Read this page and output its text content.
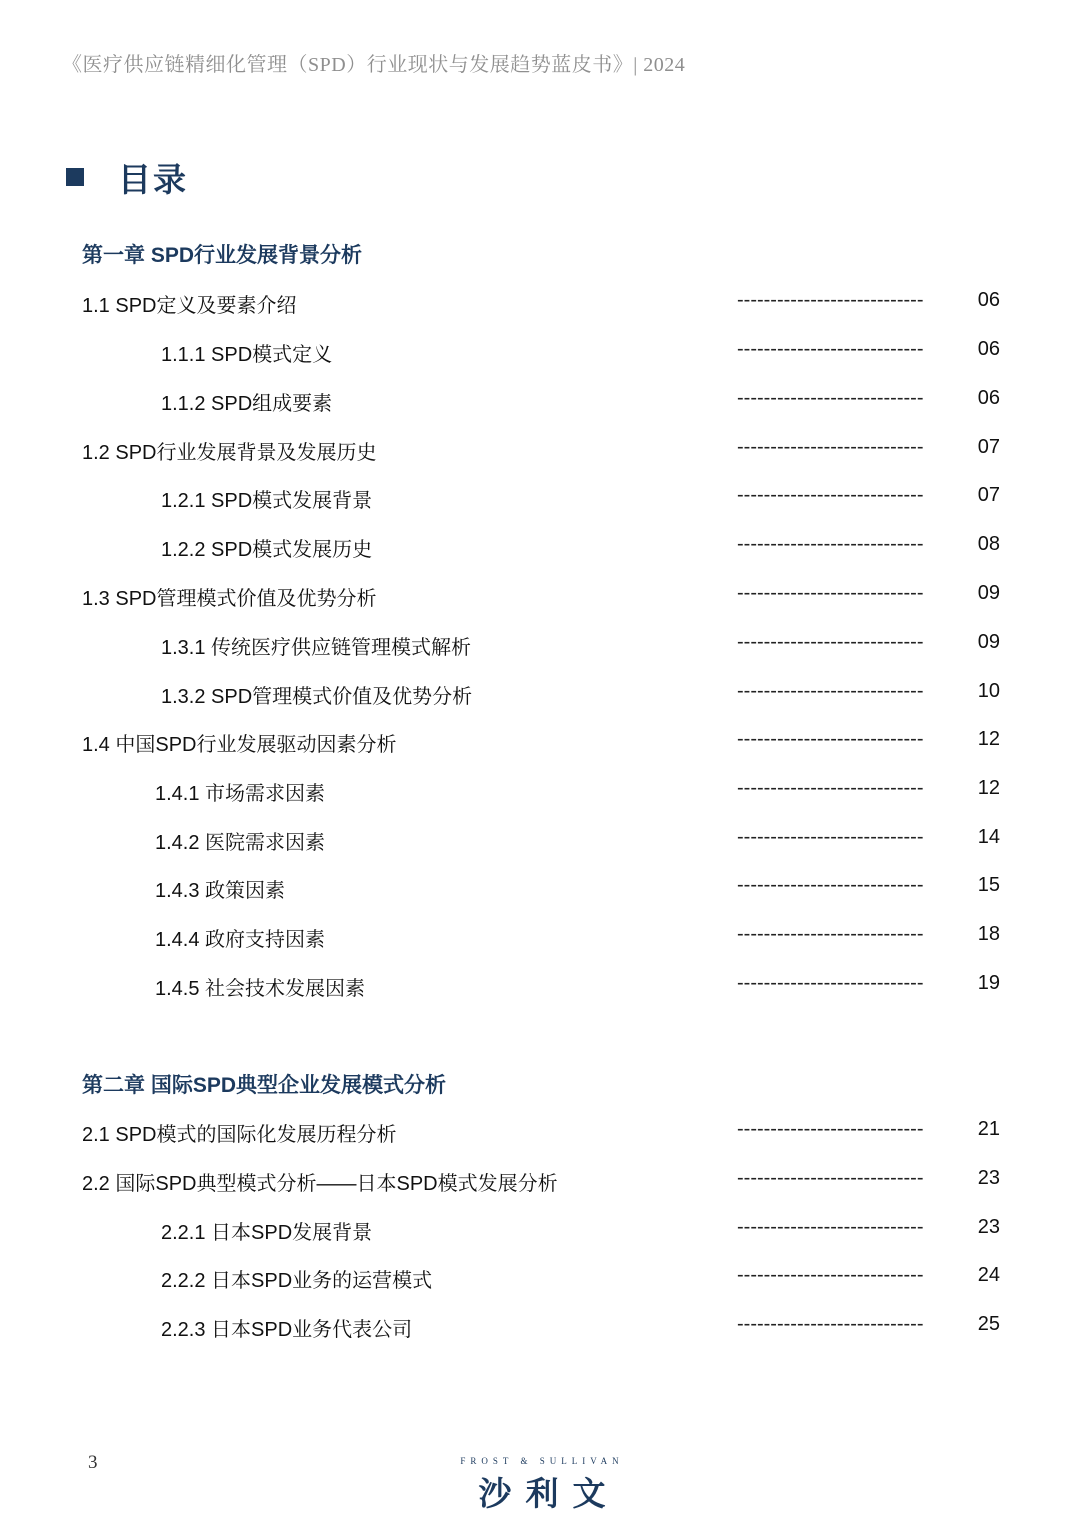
《医疗供应链精细化管理（SPD）行业现状与发展趋势蓝皮书》| 2024
目录
第一章 SPD行业发展背景分析
1.1 SPD定义及要素介绍	----------------------------	06
1.1.1 SPD模式定义	----------------------------	06
1.1.2 SPD组成要素	----------------------------	06
1.2 SPD行业发展背景及发展历史	----------------------------	07
1.2.1 SPD模式发展背景	----------------------------	07
1.2.2 SPD模式发展历史	----------------------------	08
1.3 SPD管理模式价值及优势分析	----------------------------	09
1.3.1 传统医疗供应链管理模式解析	----------------------------	09
1.3.2 SPD管理模式价值及优势分析	----------------------------	10
1.4 中国SPD行业发展驱动因素分析	----------------------------	12
1.4.1 市场需求因素	----------------------------	12
1.4.2 医院需求因素	----------------------------	14
1.4.3 政策因素	----------------------------	15
1.4.4 政府支持因素	----------------------------	18
1.4.5 社会技术发展因素	----------------------------	19
第二章 国际SPD典型企业发展模式分析
2.1 SPD模式的国际化发展历程分析	----------------------------	21
2.2 国际SPD典型模式分析——日本SPD模式发展分析	----------------------------	23
2.2.1 日本SPD发展背景	----------------------------	23
2.2.2 日本SPD业务的运营模式	----------------------------	24
2.2.3 日本SPD业务代表公司	----------------------------	25
3	FROST & SULLIVAN
沙利文
